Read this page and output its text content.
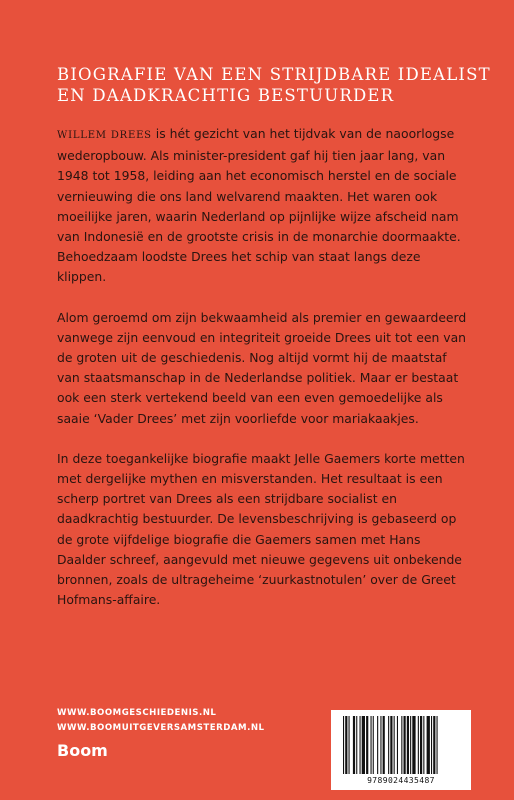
BIOGRAFIE VAN EEN STRIJDBARE IDEALIST
EN DAADKRACHTIG BESTUURDER

WILLEM DREES is hét gezicht van het tijdvak van de naoorlogse wederopbouw. Als minister-president gaf hij tien jaar lang, van 1948 tot 1958, leiding aan het economisch herstel en de sociale vernieuwing die ons land welvarend maakten. Het waren ook moeilijke jaren, waarin Nederland op pijnlijke wijze afscheid nam van Indonesië en de grootste crisis in de monarchie doormaakte. Behoedzaam loodste Drees het schip van staat langs deze klippen.

Alom geroemd om zijn bekwaamheid als premier en gewaardeerd vanwege zijn eenvoud en integriteit groeide Drees uit tot een van de groten uit de geschiedenis. Nog altijd vormt hij de maatstaf van staatsmanschap in de Nederlandse politiek. Maar er bestaat ook een sterk vertekend beeld van een even gemoedelijke als saaie ‘Vader Drees’ met zijn voorliefde voor mariakaakjes.

In deze toegankelijke biografie maakt Jelle Gaemers korte metten met dergelijke mythen en misverstanden. Het resultaat is een scherp portret van Drees als een strijdbare socialist en daadkrachtig bestuurder. De levensbeschrijving is gebaseerd op de grote vijfdelige biografie die Gaemers samen met Hans Daalder schreef, aangevuld met nieuwe gegevens uit onbekende bronnen, zoals de ultrageheime ‘zuurkastnotulen’ over de Greet Hofmans-affaire.

WWW.BOOMGESCHIEDENIS.NL
WWW.BOOMUITGEVERSAMSTERDAM.NL
Boom
9789024435487
